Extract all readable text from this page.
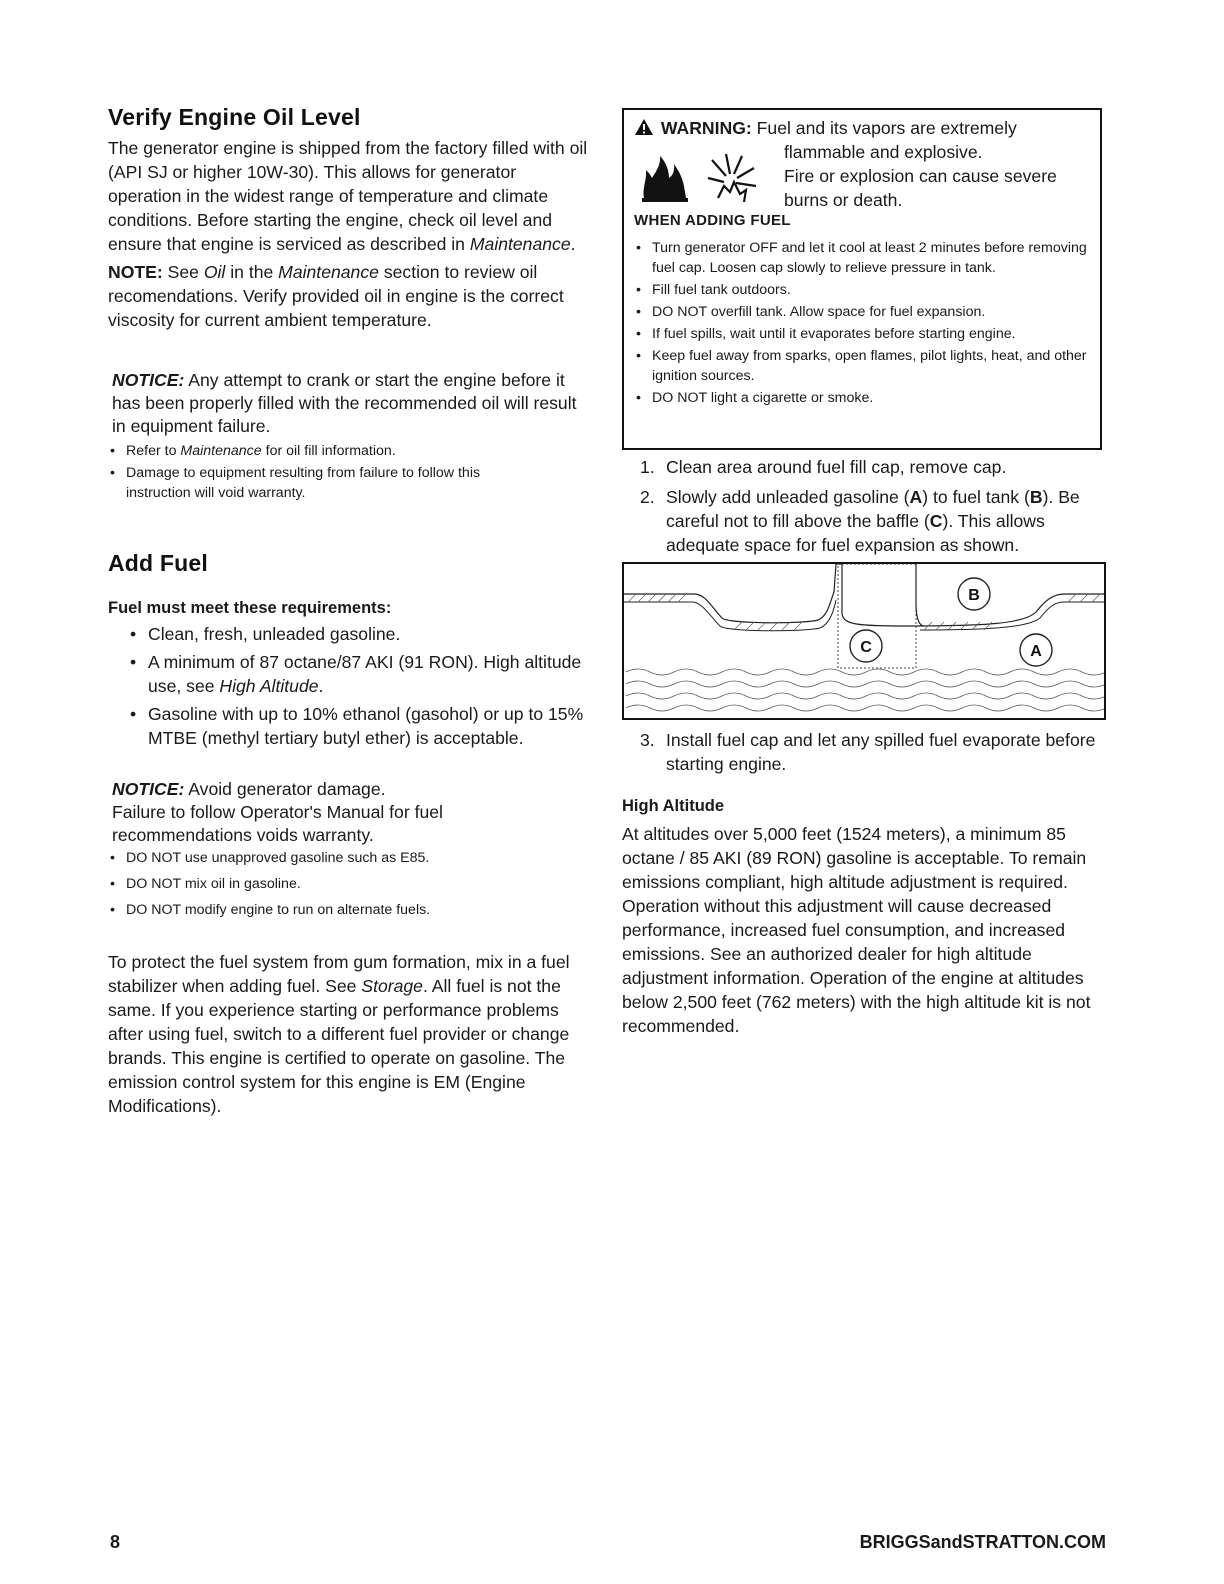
Verify Engine Oil Level

The generator engine is shipped from the factory filled with oil (API SJ or higher 10W-30). This allows for generator operation in the widest range of temperature and climate conditions. Before starting the engine, check oil level and ensure that engine is serviced as described in Maintenance.

NOTE: See Oil in the Maintenance section to review oil recomendations. Verify provided oil in engine is the correct viscosity for current ambient temperature.

NOTICE: Any attempt to crank or start the engine before it has been properly filled with the recommended oil will result in equipment failure.

• Refer to Maintenance for oil fill information.
• Damage to equipment resulting from failure to follow this instruction will void warranty.
Add Fuel
Fuel must meet these requirements:
• Clean, fresh, unleaded gasoline.
• A minimum of 87 octane/87 AKI (91 RON). High altitude use, see High Altitude.
• Gasoline with up to 10% ethanol (gasohol) or up to 15% MTBE (methyl tertiary butyl ether) is acceptable.
NOTICE: Avoid generator damage.
Failure to follow Operator's Manual for fuel recommendations voids warranty.
• DO NOT use unapproved gasoline such as E85.
• DO NOT mix oil in gasoline.
• DO NOT modify engine to run on alternate fuels.

To protect the fuel system from gum formation, mix in a fuel stabilizer when adding fuel. See Storage. All fuel is not the same. If you experience starting or performance problems after using fuel, switch to a different fuel provider or change brands. This engine is certified to operate on gasoline. The emission control system for this engine is EM (Engine Modifications).

WARNING: Fuel and its vapors are extremely
flammable and explosive.
Fire or explosion can cause severe burns or death.
WHEN ADDING FUEL
• Turn generator OFF and let it cool at least 2 minutes before removing fuel cap. Loosen cap slowly to relieve pressure in tank.
• Fill fuel tank outdoors.
• DO NOT overfill tank. Allow space for fuel expansion.
• If fuel spills, wait until it evaporates before starting engine.
• Keep fuel away from sparks, open flames, pilot lights, heat, and other ignition sources.
• DO NOT light a cigarette or smoke.
1. Clean area around fuel fill cap, remove cap.
2. Slowly add unleaded gasoline (A) to fuel tank (B). Be careful not to fill above the baffle (C). This allows adequate space for fuel expansion as shown.
B
C	A
3. Install fuel cap and let any spilled fuel evaporate before starting engine.
High Altitude

At altitudes over 5,000 feet (1524 meters), a minimum 85 octane / 85 AKI (89 RON) gasoline is acceptable. To remain emissions compliant, high altitude adjustment is required. Operation without this adjustment will cause decreased performance, increased fuel consumption, and increased emissions. See an authorized dealer for high altitude adjustment information. Operation of the engine at altitudes below 2,500 feet (762 meters) with the high altitude kit is not recommended.

8	BRIGGSandSTRATTON.COM
